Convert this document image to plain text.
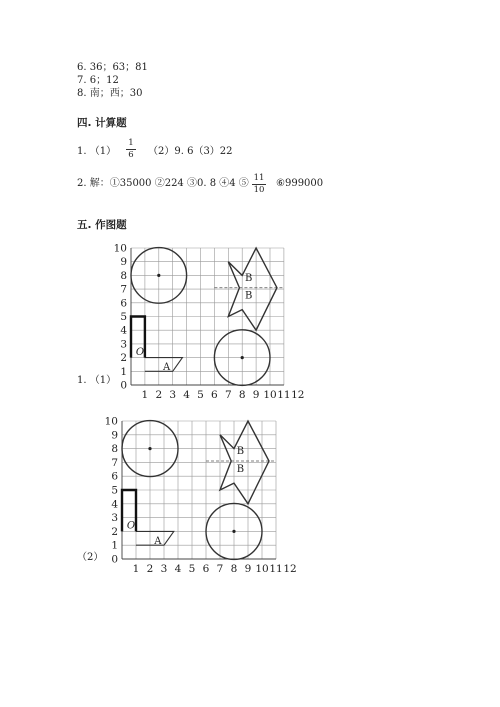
6. 36；63；81
7. 6；12
8. 南；西；30
四. 计算题
1. （1）
1
6 （2）9. 6（3）22
2. 解：①35000 ②224 ③0. 8 ④4 ⑤ 11
10
⑥999000
五. 作图题
1. （1） 0
1
2
3
4
5
6
7
8
9
10
1 2 3 4 5 6 7 8 9 10 11 12
B
B
A
O
（2） 0
1
2
3
4
5
6
7
8
9
10
1 2 3 4 5 6 7 8 9 10 11 12
B
B
A
O
